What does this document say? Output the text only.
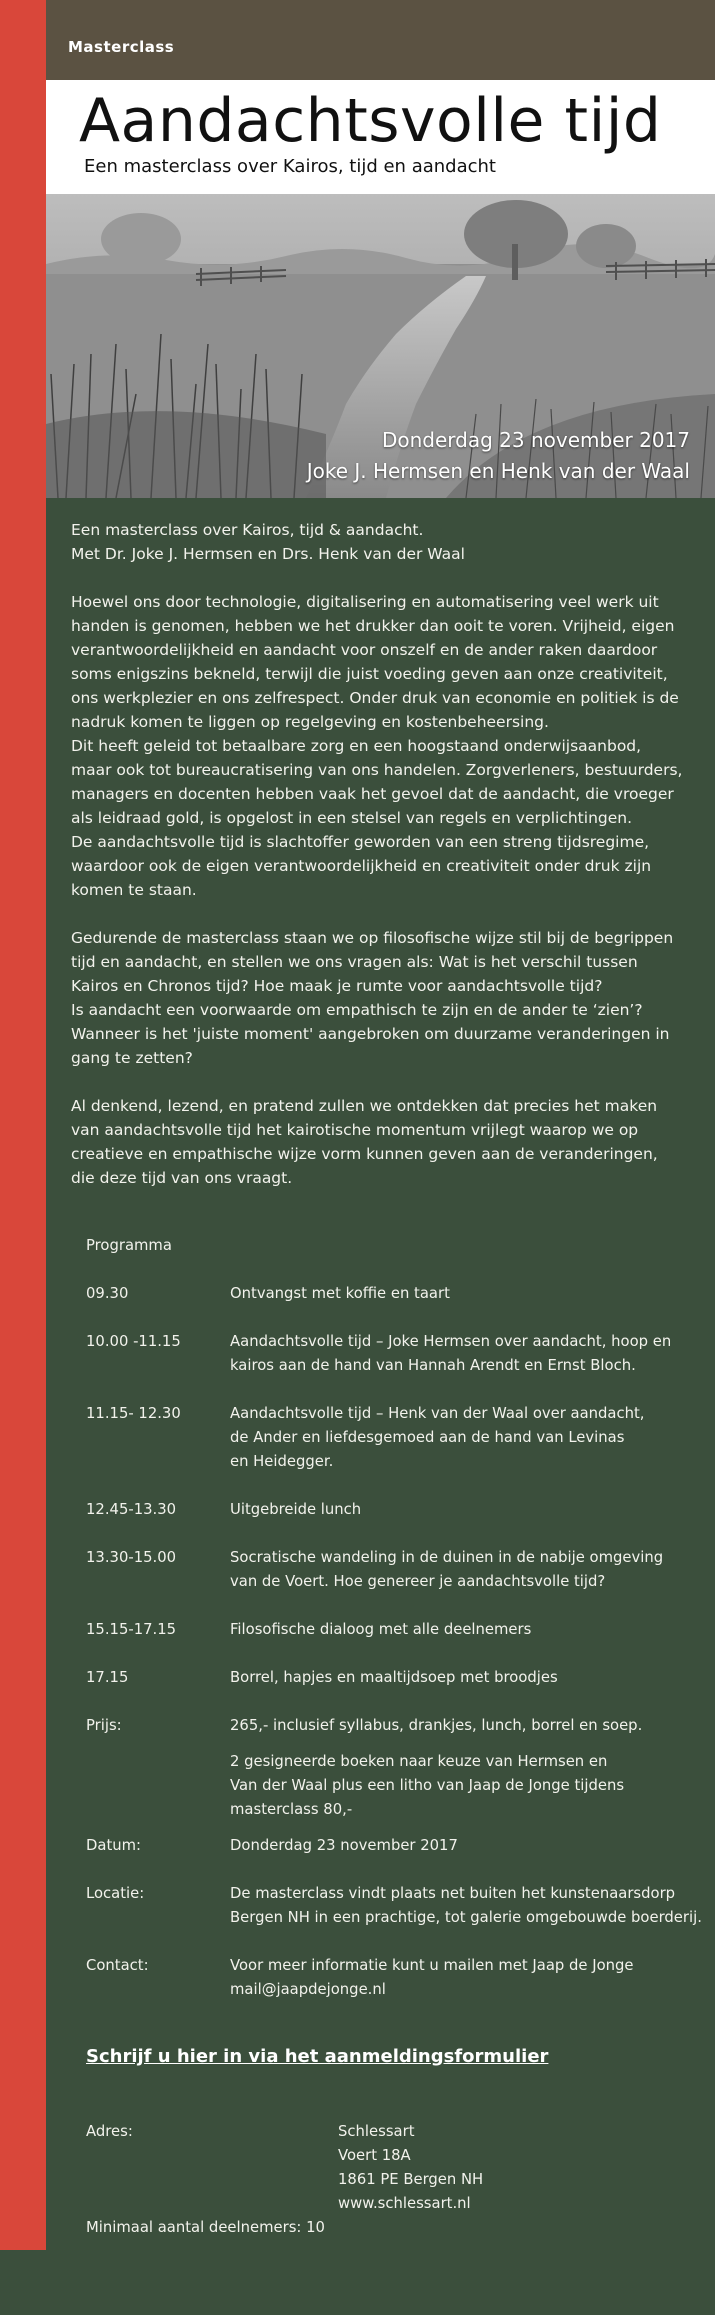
Masterclass
Aandachtsvolle tijd
Een masterclass over Kairos, tijd en aandacht
Donderdag 23 november 2017
Joke J. Hermsen en Henk van der Waal

Een masterclass over Kairos, tijd & aandacht.
Met Dr. Joke J. Hermsen en Drs. Henk van der Waal

Hoewel ons door technologie, digitalisering en automatisering veel werk uit
handen is genomen, hebben we het drukker dan ooit te voren. Vrijheid, eigen
verantwoordelijkheid en aandacht voor onszelf en de ander raken daardoor
soms enigszins bekneld, terwijl die juist voeding geven aan onze creativiteit,
ons werkplezier en ons zelfrespect. Onder druk van economie en politiek is de
nadruk komen te liggen op regelgeving en kostenbeheersing.
Dit heeft geleid tot betaalbare zorg en een hoogstaand onderwijsaanbod,
maar ook tot bureaucratisering van ons handelen. Zorgverleners, bestuurders,
managers en docenten hebben vaak het gevoel dat de aandacht, die vroeger
als leidraad gold, is opgelost in een stelsel van regels en verplichtingen.
De aandachtsvolle tijd is slachtoffer geworden van een streng tijdsregime,
waardoor ook de eigen verantwoordelijkheid en creativiteit onder druk zijn
komen te staan.

Gedurende de masterclass staan we op filosofische wijze stil bij de begrippen
tijd en aandacht, en stellen we ons vragen als: Wat is het verschil tussen
Kairos en Chronos tijd? Hoe maak je rumte voor aandachtsvolle tijd?
Is aandacht een voorwaarde om empathisch te zijn en de ander te ‘zien’?
Wanneer is het 'juiste moment' aangebroken om duurzame veranderingen in
gang te zetten?

Al denkend, lezend, en pratend zullen we ontdekken dat precies het maken
van aandachtsvolle tijd het kairotische momentum vrijlegt waarop we op
creatieve en empathische wijze vorm kunnen geven aan de veranderingen,
die deze tijd van ons vraagt.

Programma
09.30	Ontvangst met koffie en taart
10.00 -11.15	Aandachtsvolle tijd – Joke Hermsen over aandacht, hoop en
kairos aan de hand van Hannah Arendt en Ernst Bloch.
11.15- 12.30	Aandachtsvolle tijd – Henk van der Waal over aandacht,
de Ander en liefdesgemoed aan de hand van Levinas
en Heidegger.
12.45-13.30	Uitgebreide lunch
13.30-15.00	Socratische wandeling in de duinen in de nabije omgeving
van de Voert. Hoe genereer je aandachtsvolle tijd?
15.15-17.15	Filosofische dialoog met alle deelnemers
17.15	Borrel, hapjes en maaltijdsoep met broodjes
Prijs:	265,- inclusief syllabus, drankjes, lunch, borrel en soep.
2 gesigneerde boeken naar keuze van Hermsen en
Van der Waal plus een litho van Jaap de Jonge tijdens
masterclass 80,-
Datum:	Donderdag 23 november 2017
Locatie:	De masterclass vindt plaats net buiten het kunstenaarsdorp
Bergen NH in een prachtige, tot galerie omgebouwde boerderij.
Contact:	Voor meer informatie kunt u mailen met Jaap de Jonge
mail@jaapdejonge.nl
Schrijf u hier in via het aanmeldingsformulier
Adres:	Schlessart
Voert 18A
1861 PE Bergen NH
www.schlessart.nl
Minimaal aantal deelnemers: 10
